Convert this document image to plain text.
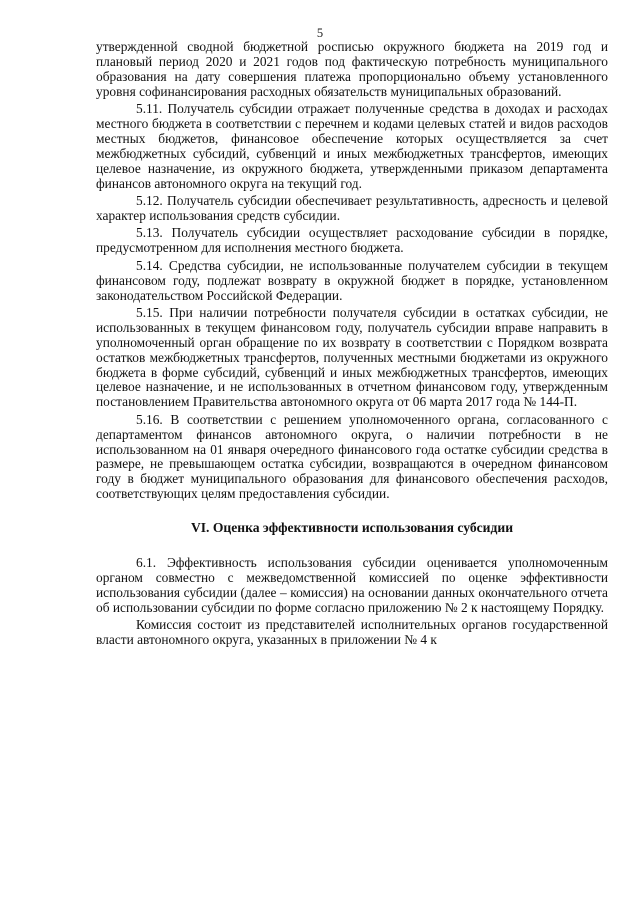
5

утвержденной сводной бюджетной росписью окружного бюджета на 2019 год и плановый период 2020 и 2021 годов под фактическую потребность муниципального образования на дату совершения платежа пропорционально объему установленного уровня софинансирования расходных обязательств муниципальных образований.

5.11. Получатель субсидии отражает полученные средства в доходах и расходах местного бюджета в соответствии с перечнем и кодами целевых статей и видов расходов местных бюджетов, финансовое обеспечение которых осуществляется за счет межбюджетных субсидий, субвенций и иных межбюджетных трансфертов, имеющих целевое назначение, из окружного бюджета, утвержденными приказом департамента финансов автономного округа на текущий год.

5.12. Получатель субсидии обеспечивает результативность, адресность и целевой характер использования средств субсидии.

5.13. Получатель субсидии осуществляет расходование субсидии в порядке, предусмотренном для исполнения местного бюджета.

5.14. Средства субсидии, не использованные получателем субсидии в текущем финансовом году, подлежат возврату в окружной бюджет в порядке, установленном законодательством Российской Федерации.

5.15. При наличии потребности получателя субсидии в остатках субсидии, не использованных в текущем финансовом году, получатель субсидии вправе направить в уполномоченный орган обращение по их возврату в соответствии с Порядком возврата остатков межбюджетных трансфертов, полученных местными бюджетами из окружного бюджета в форме субсидий, субвенций и иных межбюджетных трансфертов, имеющих целевое назначение, и не использованных в отчетном финансовом году, утвержденным постановлением Правительства автономного округа от 06 марта 2017 года № 144-П.

5.16. В соответствии с решением уполномоченного органа, согласованного с департаментом финансов автономного округа, о наличии потребности в не использованном на 01 января очередного финансового года остатке субсидии средства в размере, не превышающем остатка субсидии, возвращаются в очередном финансовом году в бюджет муниципального образования для финансового обеспечения расходов, соответствующих целям предоставления субсидии.

VI. Оценка эффективности использования субсидии

6.1. Эффективность использования субсидии оценивается уполномоченным органом совместно с межведомственной комиссией по оценке эффективности использования субсидии (далее – комиссия) на основании данных окончательного отчета об использовании субсидии по форме согласно приложению № 2 к настоящему Порядку.

Комиссия состоит из представителей исполнительных органов государственной власти автономного округа, указанных в приложении № 4 к
